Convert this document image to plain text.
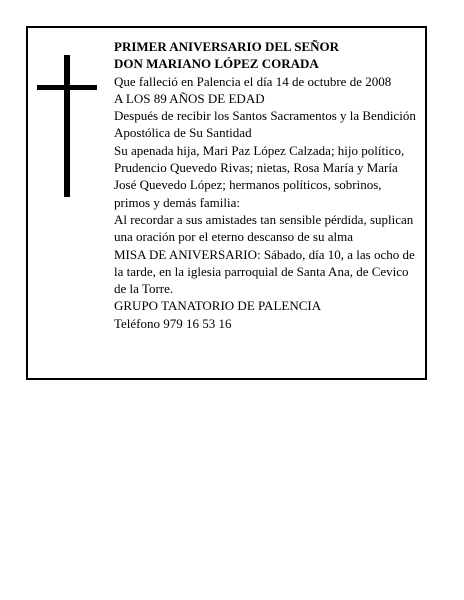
PRIMER ANIVERSARIO DEL SEÑOR
DON MARIANO LÓPEZ CORADA
Que falleció en Palencia el día 14 de octubre de 2008
A LOS 89 AÑOS DE EDAD
Después de recibir los Santos Sacramentos y la Bendición Apostólica de Su Santidad
Su apenada hija, Mari Paz López Calzada; hijo político, Prudencio Quevedo Rivas; nietas, Rosa María y María José Quevedo López; hermanos políticos, sobrinos, primos y demás familia:
Al recordar a sus amistades tan sensible pérdida, suplican una oración por el eterno descanso de su alma
MISA DE ANIVERSARIO: Sábado, día 10, a las ocho de la tarde, en la iglesia parroquial de Santa Ana, de Cevico de la Torre.
GRUPO TANATORIO DE PALENCIA
Teléfono 979 16 53 16
